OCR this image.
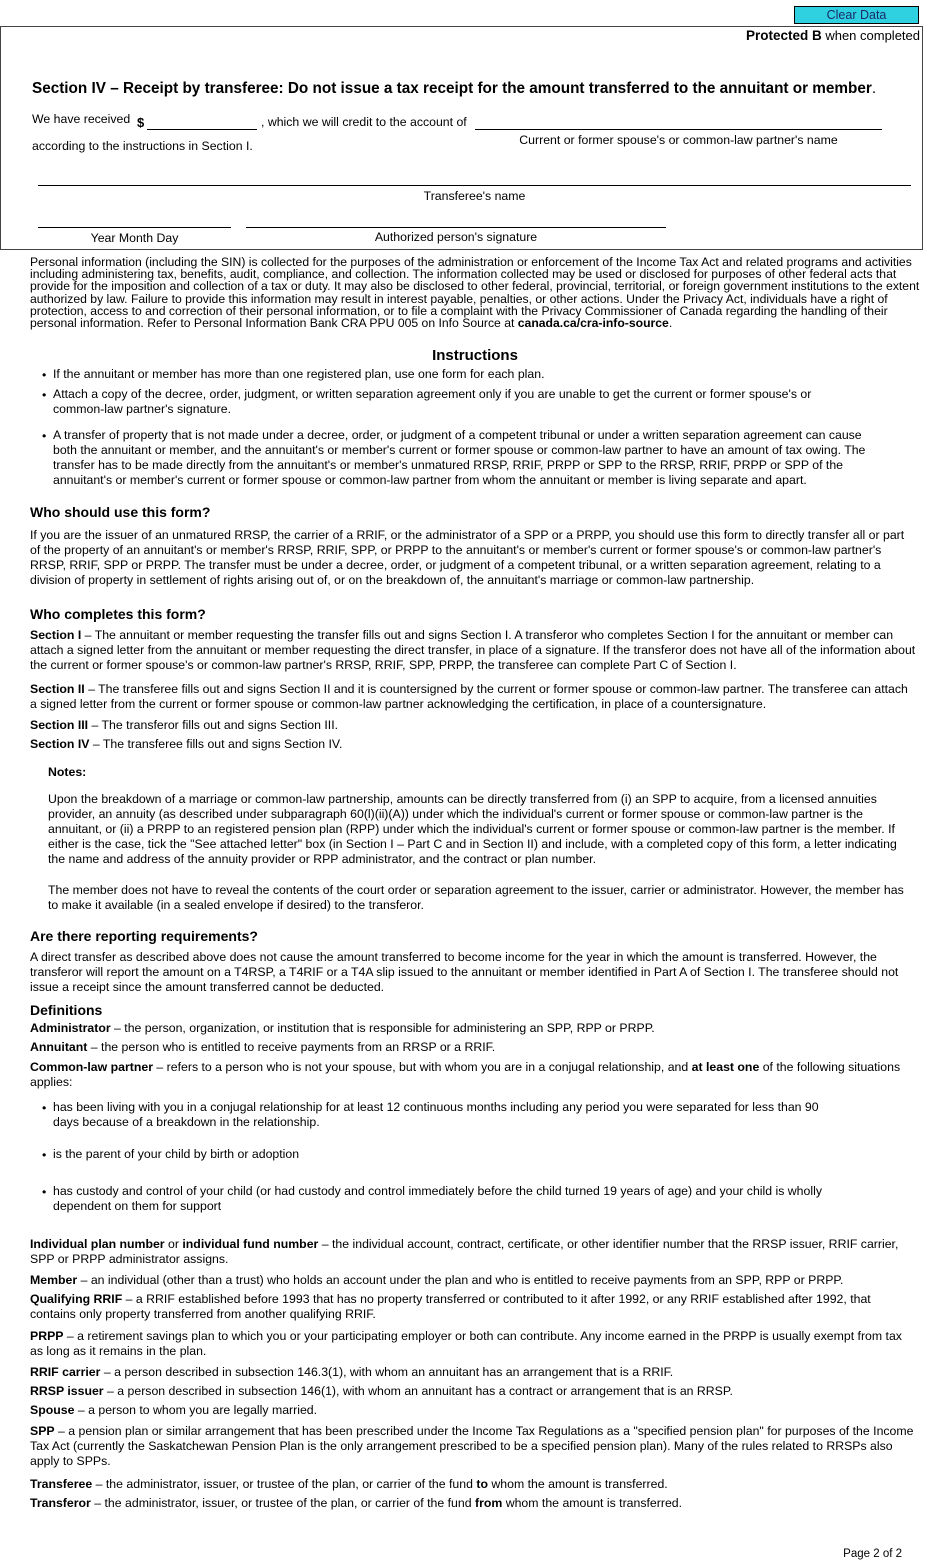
Clear Data
Protected B when completed
Section IV – Receipt by transferee: Do not issue a tax receipt for the amount transferred to the annuitant or member.
We have received $	, which we will credit to the account of
Current or former spouse's or common-law partner's name
according to the instructions in Section I.
Transferee's name
Year Month Day	Authorized person's signature
Personal information (including the SIN) is collected for the purposes of the administration or enforcement of the Income Tax Act and related programs and activities including administering tax, benefits, audit, compliance, and collection. The information collected may be used or disclosed for purposes of other federal acts that provide for the imposition and collection of a tax or duty. It may also be disclosed to other federal, provincial, territorial, or foreign government institutions to the extent authorized by law. Failure to provide this information may result in interest payable, penalties, or other actions. Under the Privacy Act, individuals have a right of protection, access to and correction of their personal information, or to file a complaint with the Privacy Commissioner of Canada regarding the handling of their personal information. Refer to Personal Information Bank CRA PPU 005 on Info Source at canada.ca/cra-info-source.
Instructions
• If the annuitant or member has more than one registered plan, use one form for each plan.
• Attach a copy of the decree, order, judgment, or written separation agreement only if you are unable to get the current or former spouse's or common-law partner's signature.
• A transfer of property that is not made under a decree, order, or judgment of a competent tribunal or under a written separation agreement can cause both the annuitant or member, and the annuitant's or member's current or former spouse or common-law partner to have an amount of tax owing. The transfer has to be made directly from the annuitant's or member's unmatured RRSP, RRIF, PRPP or SPP to the RRSP, RRIF, PRPP or SPP of the annuitant's or member's current or former spouse or common-law partner from whom the annuitant or member is living separate and apart.
Who should use this form?
If you are the issuer of an unmatured RRSP, the carrier of a RRIF, or the administrator of a SPP or a PRPP, you should use this form to directly transfer all or part of the property of an annuitant's or member's RRSP, RRIF, SPP, or PRPP to the annuitant's or member's current or former spouse's or common-law partner's RRSP, RRIF, SPP or PRPP. The transfer must be under a decree, order, or judgment of a competent tribunal, or a written separation agreement, relating to a division of property in settlement of rights arising out of, or on the breakdown of, the annuitant's marriage or common-law partnership.
Who completes this form?
Section I – The annuitant or member requesting the transfer fills out and signs Section I. A transferor who completes Section I for the annuitant or member can attach a signed letter from the annuitant or member requesting the direct transfer, in place of a signature. If the transferor does not have all of the information about the current or former spouse's or common-law partner's RRSP, RRIF, SPP, PRPP, the transferee can complete Part C of Section I.
Section II – The transferee fills out and signs Section II and it is countersigned by the current or former spouse or common-law partner. The transferee can attach a signed letter from the current or former spouse or common-law partner acknowledging the certification, in place of a countersignature.
Section III – The transferor fills out and signs Section III.
Section IV – The transferee fills out and signs Section IV.
Notes:
Upon the breakdown of a marriage or common-law partnership, amounts can be directly transferred from (i) an SPP to acquire, from a licensed annuities provider, an annuity (as described under subparagraph 60(l)(ii)(A)) under which the individual's current or former spouse or common-law partner is the annuitant, or (ii) a PRPP to an registered pension plan (RPP) under which the individual's current or former spouse or common-law partner is the member. If either is the case, tick the "See attached letter" box (in Section I – Part C and in Section II) and include, with a completed copy of this form, a letter indicating the name and address of the annuity provider or RPP administrator, and the contract or plan number.
The member does not have to reveal the contents of the court order or separation agreement to the issuer, carrier or administrator. However, the member has to make it available (in a sealed envelope if desired) to the transferor.
Are there reporting requirements?
A direct transfer as described above does not cause the amount transferred to become income for the year in which the amount is transferred. However, the transferor will report the amount on a T4RSP, a T4RIF or a T4A slip issued to the annuitant or member identified in Part A of Section I. The transferee should not issue a receipt since the amount transferred cannot be deducted.
Definitions
Administrator – the person, organization, or institution that is responsible for administering an SPP, RPP or PRPP.
Annuitant – the person who is entitled to receive payments from an RRSP or a RRIF.
Common-law partner – refers to a person who is not your spouse, but with whom you are in a conjugal relationship, and at least one of the following situations applies:
• has been living with you in a conjugal relationship for at least 12 continuous months including any period you were separated for less than 90 days because of a breakdown in the relationship.
• is the parent of your child by birth or adoption
• has custody and control of your child (or had custody and control immediately before the child turned 19 years of age) and your child is wholly dependent on them for support
Individual plan number or individual fund number – the individual account, contract, certificate, or other identifier number that the RRSP issuer, RRIF carrier, SPP or PRPP administrator assigns.
Member – an individual (other than a trust) who holds an account under the plan and who is entitled to receive payments from an SPP, RPP or PRPP.
Qualifying RRIF – a RRIF established before 1993 that has no property transferred or contributed to it after 1992, or any RRIF established after 1992, that contains only property transferred from another qualifying RRIF.
PRPP – a retirement savings plan to which you or your participating employer or both can contribute. Any income earned in the PRPP is usually exempt from tax as long as it remains in the plan.
RRIF carrier – a person described in subsection 146.3(1), with whom an annuitant has an arrangement that is a RRIF.
RRSP issuer – a person described in subsection 146(1), with whom an annuitant has a contract or arrangement that is an RRSP.
Spouse – a person to whom you are legally married.
SPP – a pension plan or similar arrangement that has been prescribed under the Income Tax Regulations as a "specified pension plan" for purposes of the Income Tax Act (currently the Saskatchewan Pension Plan is the only arrangement prescribed to be a specified pension plan). Many of the rules related to RRSPs also apply to SPPs.
Transferee – the administrator, issuer, or trustee of the plan, or carrier of the fund to whom the amount is transferred.
Transferor – the administrator, issuer, or trustee of the plan, or carrier of the fund from whom the amount is transferred.
Page 2 of 2
